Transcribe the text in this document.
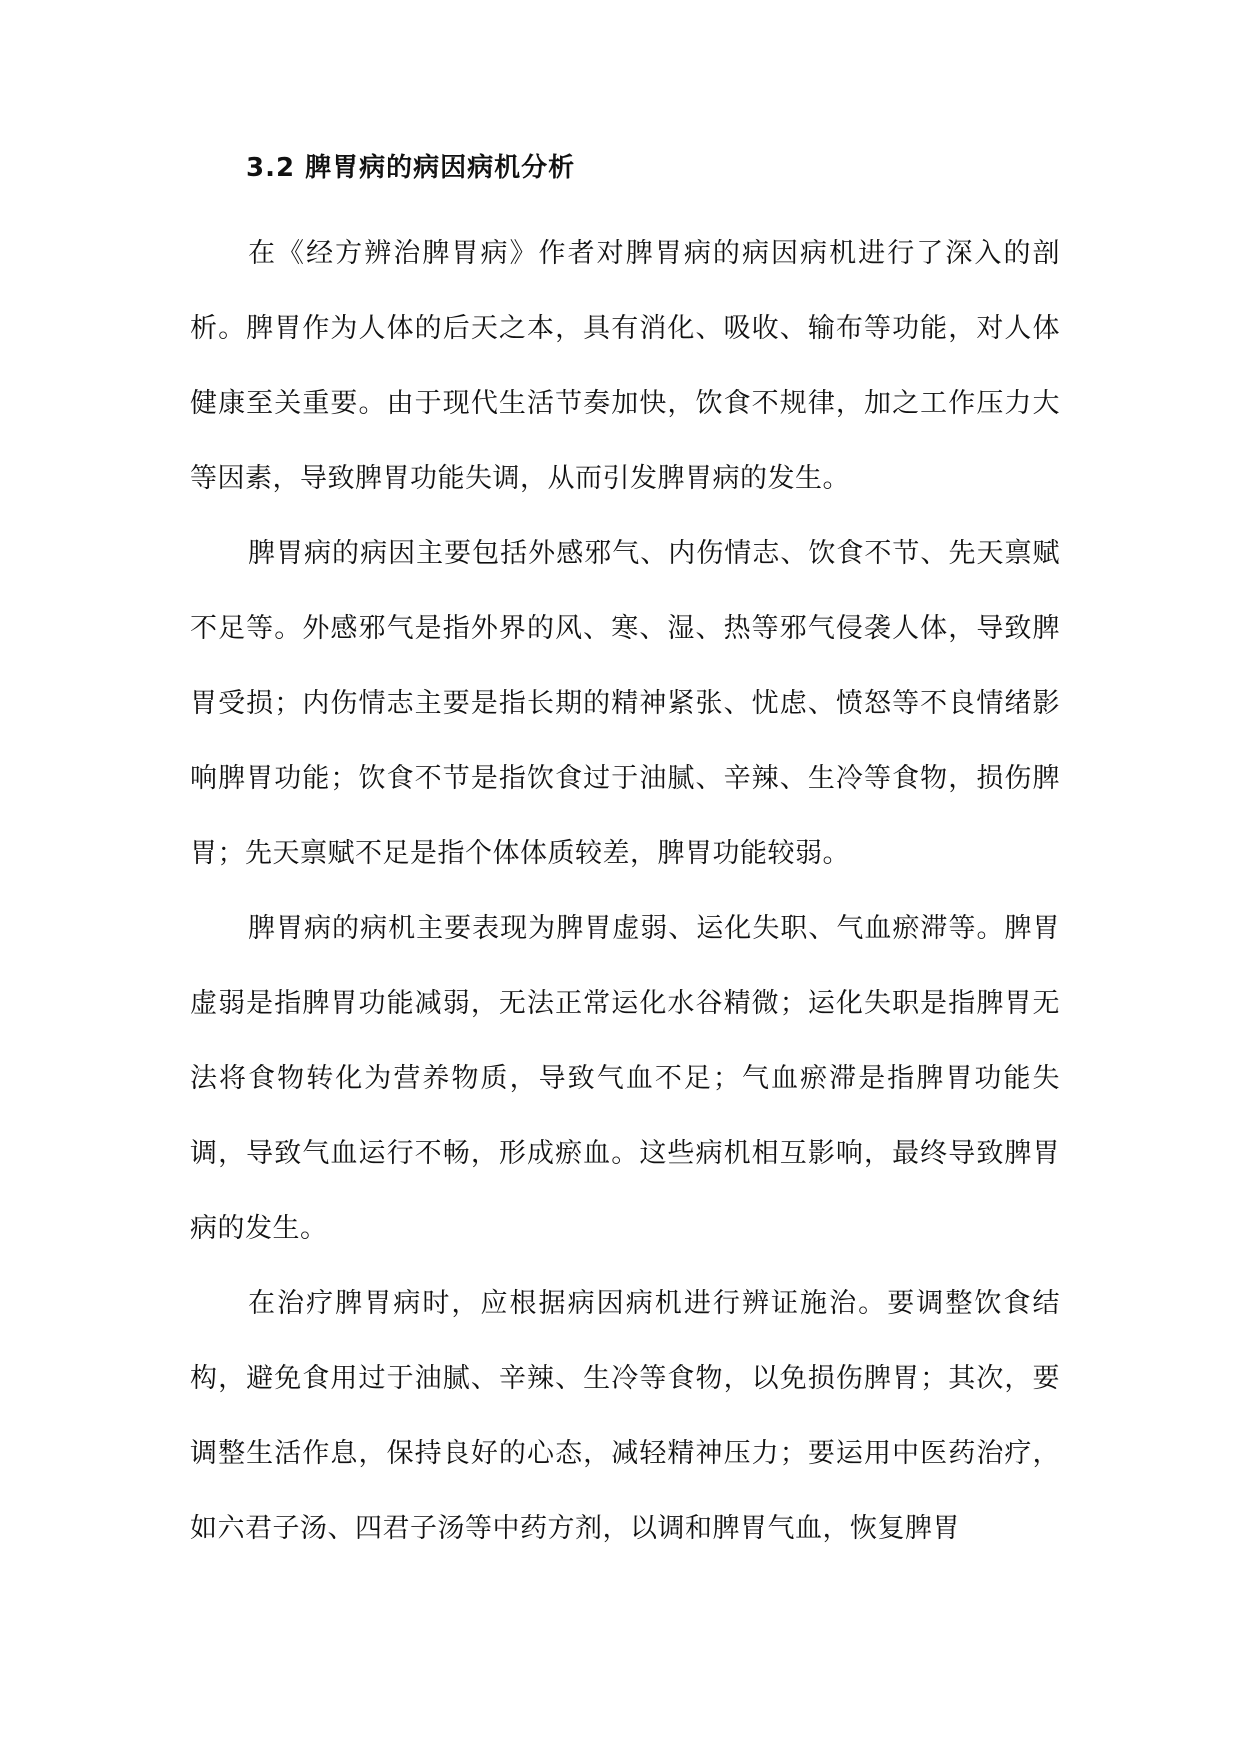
3.2 脾胃病的病因病机分析

在《经方辨治脾胃病》作者对脾胃病的病因病机进行了深入的剖析。脾胃作为人体的后天之本，具有消化、吸收、输布等功能，对人体健康至关重要。由于现代生活节奏加快，饮食不规律，加之工作压力大等因素，导致脾胃功能失调，从而引发脾胃病的发生。

脾胃病的病因主要包括外感邪气、内伤情志、饮食不节、先天禀赋不足等。外感邪气是指外界的风、寒、湿、热等邪气侵袭人体，导致脾胃受损；内伤情志主要是指长期的精神紧张、忧虑、愤怒等不良情绪影响脾胃功能；饮食不节是指饮食过于油腻、辛辣、生冷等食物，损伤脾胃；先天禀赋不足是指个体体质较差，脾胃功能较弱。

脾胃病的病机主要表现为脾胃虚弱、运化失职、气血瘀滞等。脾胃虚弱是指脾胃功能减弱，无法正常运化水谷精微；运化失职是指脾胃无法将食物转化为营养物质，导致气血不足；气血瘀滞是指脾胃功能失调，导致气血运行不畅，形成瘀血。这些病机相互影响，最终导致脾胃病的发生。

在治疗脾胃病时，应根据病因病机进行辨证施治。要调整饮食结构，避免食用过于油腻、辛辣、生冷等食物，以免损伤脾胃；其次，要调整生活作息，保持良好的心态，减轻精神压力；要运用中医药治疗，如六君子汤、四君子汤等中药方剂，以调和脾胃气血，恢复脾胃
